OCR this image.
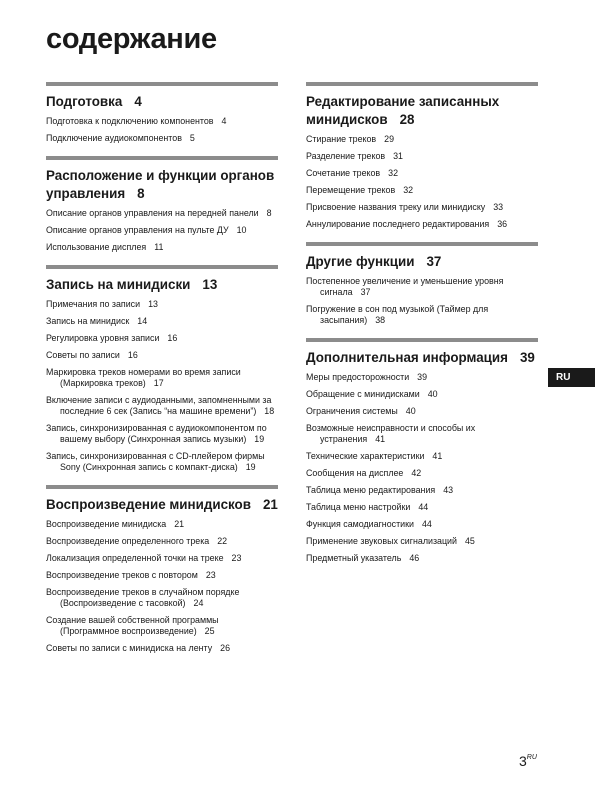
содержание
Подготовка 4
Подготовка к подключению компонентов 4
Подключение аудиокомпонентов 5
Расположение и функции органов управления 8
Описание органов управления на передней панели 8
Описание органов управления на пульте ДУ 10
Использование дисплея 11
Запись на минидиски 13
Примечания по записи 13
Запись на минидиск 14
Регулировка уровня записи 16
Советы по записи 16
Маркировка треков номерами во время записи (Маркировка треков) 17
Включение записи с аудиоданными, запомненными за последние 6 сек (Запись “на машине времени”) 18
Запись, синхронизированная с аудиокомпонентом по вашему выбору (Синхронная запись музыки) 19
Запись, синхронизированная с CD-плейером фирмы Sony (Синхронная запись с компакт-диска) 19
Воспроизведение минидисков 21
Воспроизведение минидиска 21
Воспроизведение определенного трека 22
Локализация определенной точки на треке 23
Воспроизведение треков с повтором 23
Воспроизведение треков в случайном порядке (Воспроизведение с тасовкой) 24
Создание вашей собственной программы (Программное воспроизведение) 25
Советы по записи с минидиска на ленту 26
Редактирование записанных минидисков 28
Стирание треков 29
Разделение треков 31
Сочетание треков 32
Перемещение треков 32
Присвоение названия треку или минидиску 33
Аннулирование последнего редактирования 36
Другие функции 37
Постепенное увеличение и уменьшение уровня сигнала 37
Погружение в сон под музыкой (Таймер для засыпания) 38
Дополнительная информация 39
Меры предосторожности 39
Обращение с минидисками 40
Ограничения системы 40
Возможные неисправности и способы их устранения 41
Технические характеристики 41
Сообщения на дисплее 42
Таблица меню редактирования 43
Таблица меню настройки 44
Функция самодиагностики 44
Применение звуковых сигнализаций 45
Предметный указатель 46
RU
$3^{RU}$
